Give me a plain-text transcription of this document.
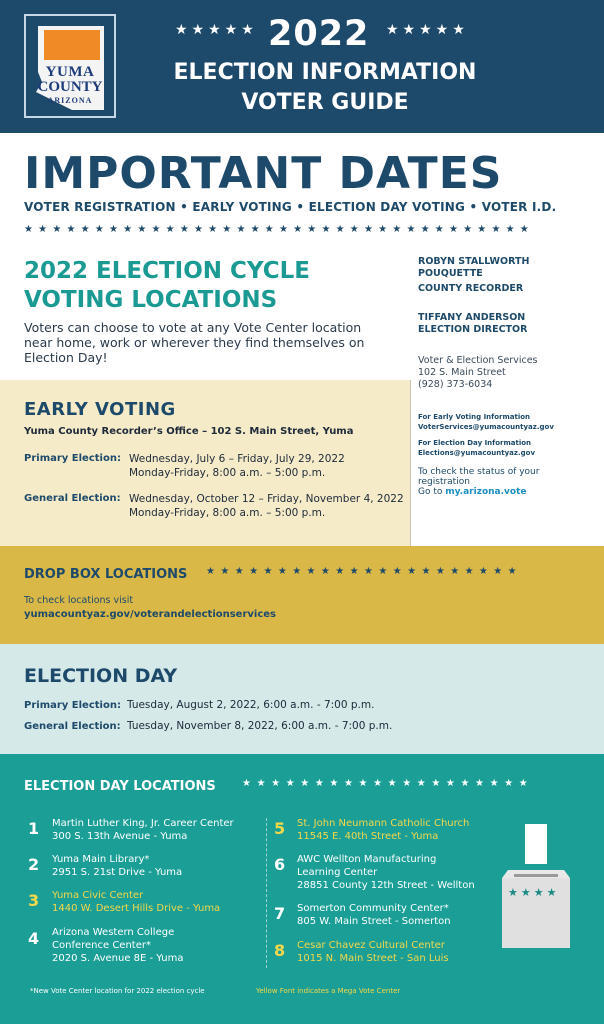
YUMA
COUNTY
ARIZONA
★★★★★ 2022 ★★★★★
ELECTION INFORMATION
VOTER GUIDE
IMPORTANT DATES
VOTER REGISTRATION • EARLY VOTING • ELECTION DAY VOTING • VOTER I.D.
★★★★★★★★★★★★★★★★★★★★★★★★★★★★★★★★★★★★
2022 ELECTION CYCLE
VOTING LOCATIONS
Voters can choose to vote at any Vote Center location near home, work or wherever they find themselves on Election Day!
ROBYN STALLWORTH
POUQUETTE
COUNTY RECORDER
TIFFANY ANDERSON
ELECTION DIRECTOR
Voter & Election Services
102 S. Main Street
(928) 373-6034
For Early Voting Information
VoterServices@yumacountyaz.gov
For Election Day Information
Elections@yumacountyaz.gov
To check the status of your
registration
Go to my.arizona.vote
EARLY VOTING
Yuma County Recorder’s Office – 102 S. Main Street, Yuma
Primary Election: Wednesday, July 6 – Friday, July 29, 2022
Monday-Friday, 8:00 a.m. – 5:00 p.m.
General Election: Wednesday, October 12 – Friday, November 4, 2022
Monday-Friday, 8:00 a.m. – 5:00 p.m.
DROP BOX LOCATIONS ★★★★★★★★★★★★★★★★★★★★★★
To check locations visit
yumacountyaz.gov/voterandelectionservices
ELECTION DAY
Primary Election: Tuesday, August 2, 2022, 6:00 a.m. - 7:00 p.m.
General Election: Tuesday, November 8, 2022, 6:00 a.m. - 7:00 p.m.
ELECTION DAY LOCATIONS	★★★★★★★★★★★★★★★★★★★★
1 Martin Luther King, Jr. Career Center
300 S. 13th Avenue - Yuma
2 Yuma Main Library*
2951 S. 21st Drive - Yuma
3 Yuma Civic Center
1440 W. Desert Hills Drive - Yuma
4 Arizona Western College
Conference Center*
2020 S. Avenue 8E - Yuma
5 St. John Neumann Catholic Church
11545 E. 40th Street - Yuma
6 AWC Wellton Manufacturing
Learning Center
28851 County 12th Street - Wellton
7 Somerton Community Center*
805 W. Main Street - Somerton
8 Cesar Chavez Cultural Center
1015 N. Main Street - San Luis
★★★★
*New Vote Center location for 2022 election cycle	Yellow Font indicates a Mega Vote Center
